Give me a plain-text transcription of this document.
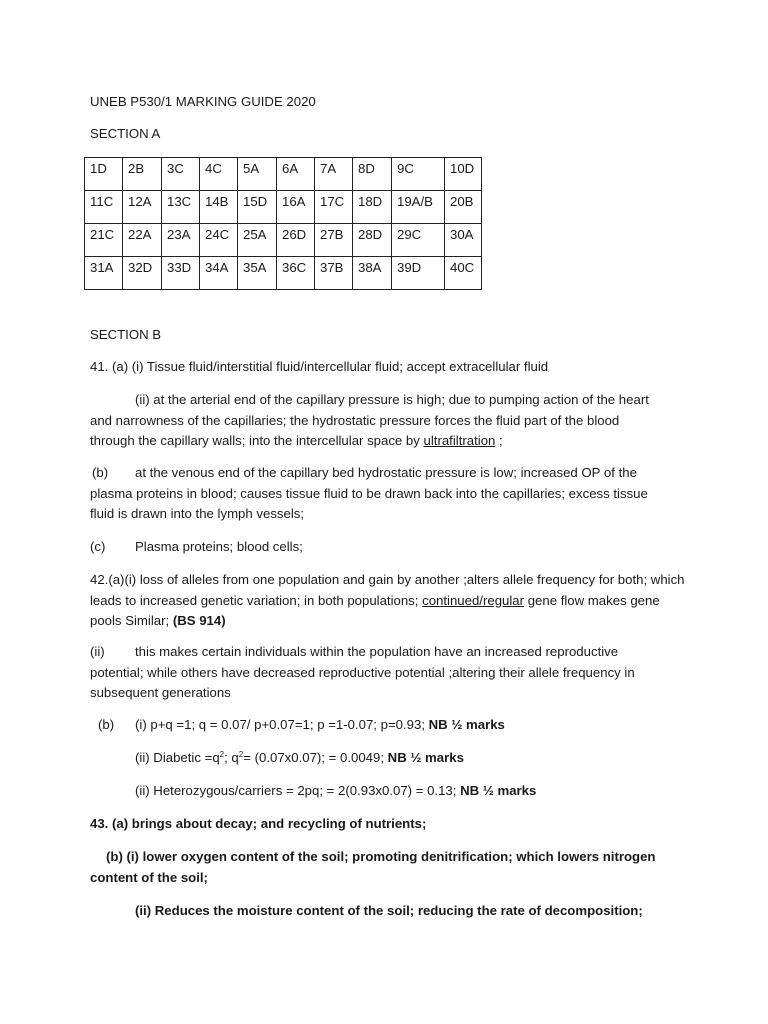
UNEB P530/1 MARKING GUIDE 2020
SECTION A
SECTION B
41. (a) (i) Tissue fluid/interstitial fluid/intercellular fluid; accept extracellular fluid

(ii) at the arterial end of the capillary pressure is high; due to pumping action of the heart and narrowness of the capillaries; the hydrostatic pressure forces the fluid part of the blood through the capillary walls; into the intercellular space by ultrafiltration ;

(b) at the venous end of the capillary bed hydrostatic pressure is low; increased OP of the plasma proteins in blood; causes tissue fluid to be drawn back into the capillaries; excess tissue fluid is drawn into the lymph vessels;

(c)	Plasma proteins; blood cells;

42.(a)(i) loss of alleles from one population and gain by another ;alters allele frequency for both; which leads to increased genetic variation; in both populations; continued/regular gene flow makes gene pools Similar; (BS 914)

(ii) this makes certain individuals within the population have an increased reproductive potential; while others have decreased reproductive potential ;altering their allele frequency in subsequent generations

(b) (i) p+q =1; q = 0.07/ p+0.07=1; p =1-0.07; p=0.93; NB ½ marks
(ii) Diabetic $=q^2$; $q^2= (0.07x0.07)$; = 0.0049; NB ½ marks
(ii) Heterozygous/carriers = 2pq; = 2(0.93x0.07) = 0.13; NB ½ marks
43. (a) brings about decay; and recycling of nutrients;

(b) (i) lower oxygen content of the soil; promoting denitrification; which lowers nitrogen content of the soil;

(ii) Reduces the moisture content of the soil; reducing the rate of decomposition;
1D	2B	3C	4C	5A	6A	7A	8D	9C	10D
11C	12A	13C	14B	15D	16A	17C	18D	19A/B	20B
21C	22A	23A	24C	25A	26D	27B	28D	29C	30A
31A	32D	33D	34A	35A	36C	37B	38A	39D	40C
